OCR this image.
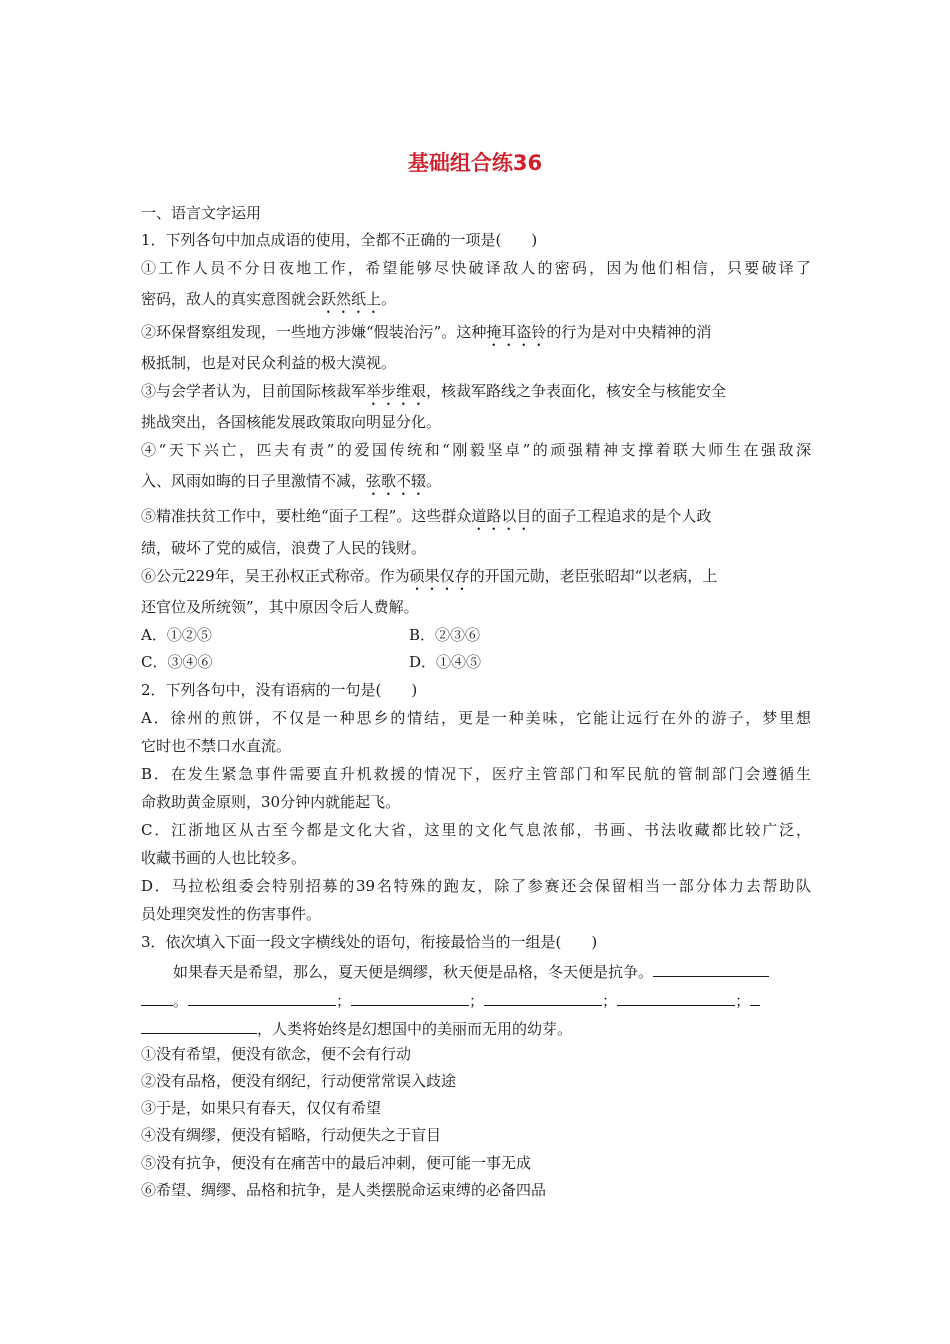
基础组合练36
一、语言文字运用
1．下列各句中加点成语的使用，全都不正确的一项是(　　)
①工作人员不分日夜地工作，希望能够尽快破译敌人的密码，因为他们相信，只要破译了
密码，敌人的真实意图就会跃然纸上。
②环保督察组发现，一些地方涉嫌“假装治污”。这种掩耳盗铃的行为是对中央精神的消
极抵制，也是对民众利益的极大漠视。
③与会学者认为，目前国际核裁军举步维艰，核裁军路线之争表面化，核安全与核能安全
挑战突出，各国核能发展政策取向明显分化。
④“天下兴亡，匹夫有责”的爱国传统和“刚毅坚卓”的顽强精神支撑着联大师生在强敌深
入、风雨如晦的日子里激情不减，弦歌不辍。
⑤精准扶贫工作中，要杜绝“面子工程”。这些群众道路以目的面子工程追求的是个人政
绩，破坏了党的威信，浪费了人民的钱财。
⑥公元229年，吴王孙权正式称帝。作为硕果仅存的开国元勋，老臣张昭却“以老病，上
还官位及所统领”，其中原因令后人费解。
A．①②⑤	B．②③⑥
C．③④⑥	D．①④⑤
2．下列各句中，没有语病的一句是(　　)
A．徐州的煎饼，不仅是一种思乡的情结，更是一种美味，它能让远行在外的游子，梦里想
它时也不禁口水直流。
B．在发生紧急事件需要直升机救援的情况下，医疗主管部门和军民航的管制部门会遵循生
命救助黄金原则，30分钟内就能起飞。
C．江浙地区从古至今都是文化大省，这里的文化气息浓郁，书画、书法收藏都比较广泛，
收藏书画的人也比较多。
D．马拉松组委会特别招募的39名特殊的跑友，除了参赛还会保留相当一部分体力去帮助队
员处理突发性的伤害事件。
3．依次填入下面一段文字横线处的语句，衔接最恰当的一组是(　　)
如果春天是希望，那么，夏天便是绸缪，秋天便是品格，冬天便是抗争。
。	；	；	；	；
，人类将始终是幻想国中的美丽而无用的幼芽。
①没有希望，便没有欲念，便不会有行动
②没有品格，便没有纲纪，行动便常常误入歧途
③于是，如果只有春天，仅仅有希望
④没有绸缪，便没有韬略，行动便失之于盲目
⑤没有抗争，便没有在痛苦中的最后冲刺，便可能一事无成
⑥希望、绸缪、品格和抗争，是人类摆脱命运束缚的必备四品
